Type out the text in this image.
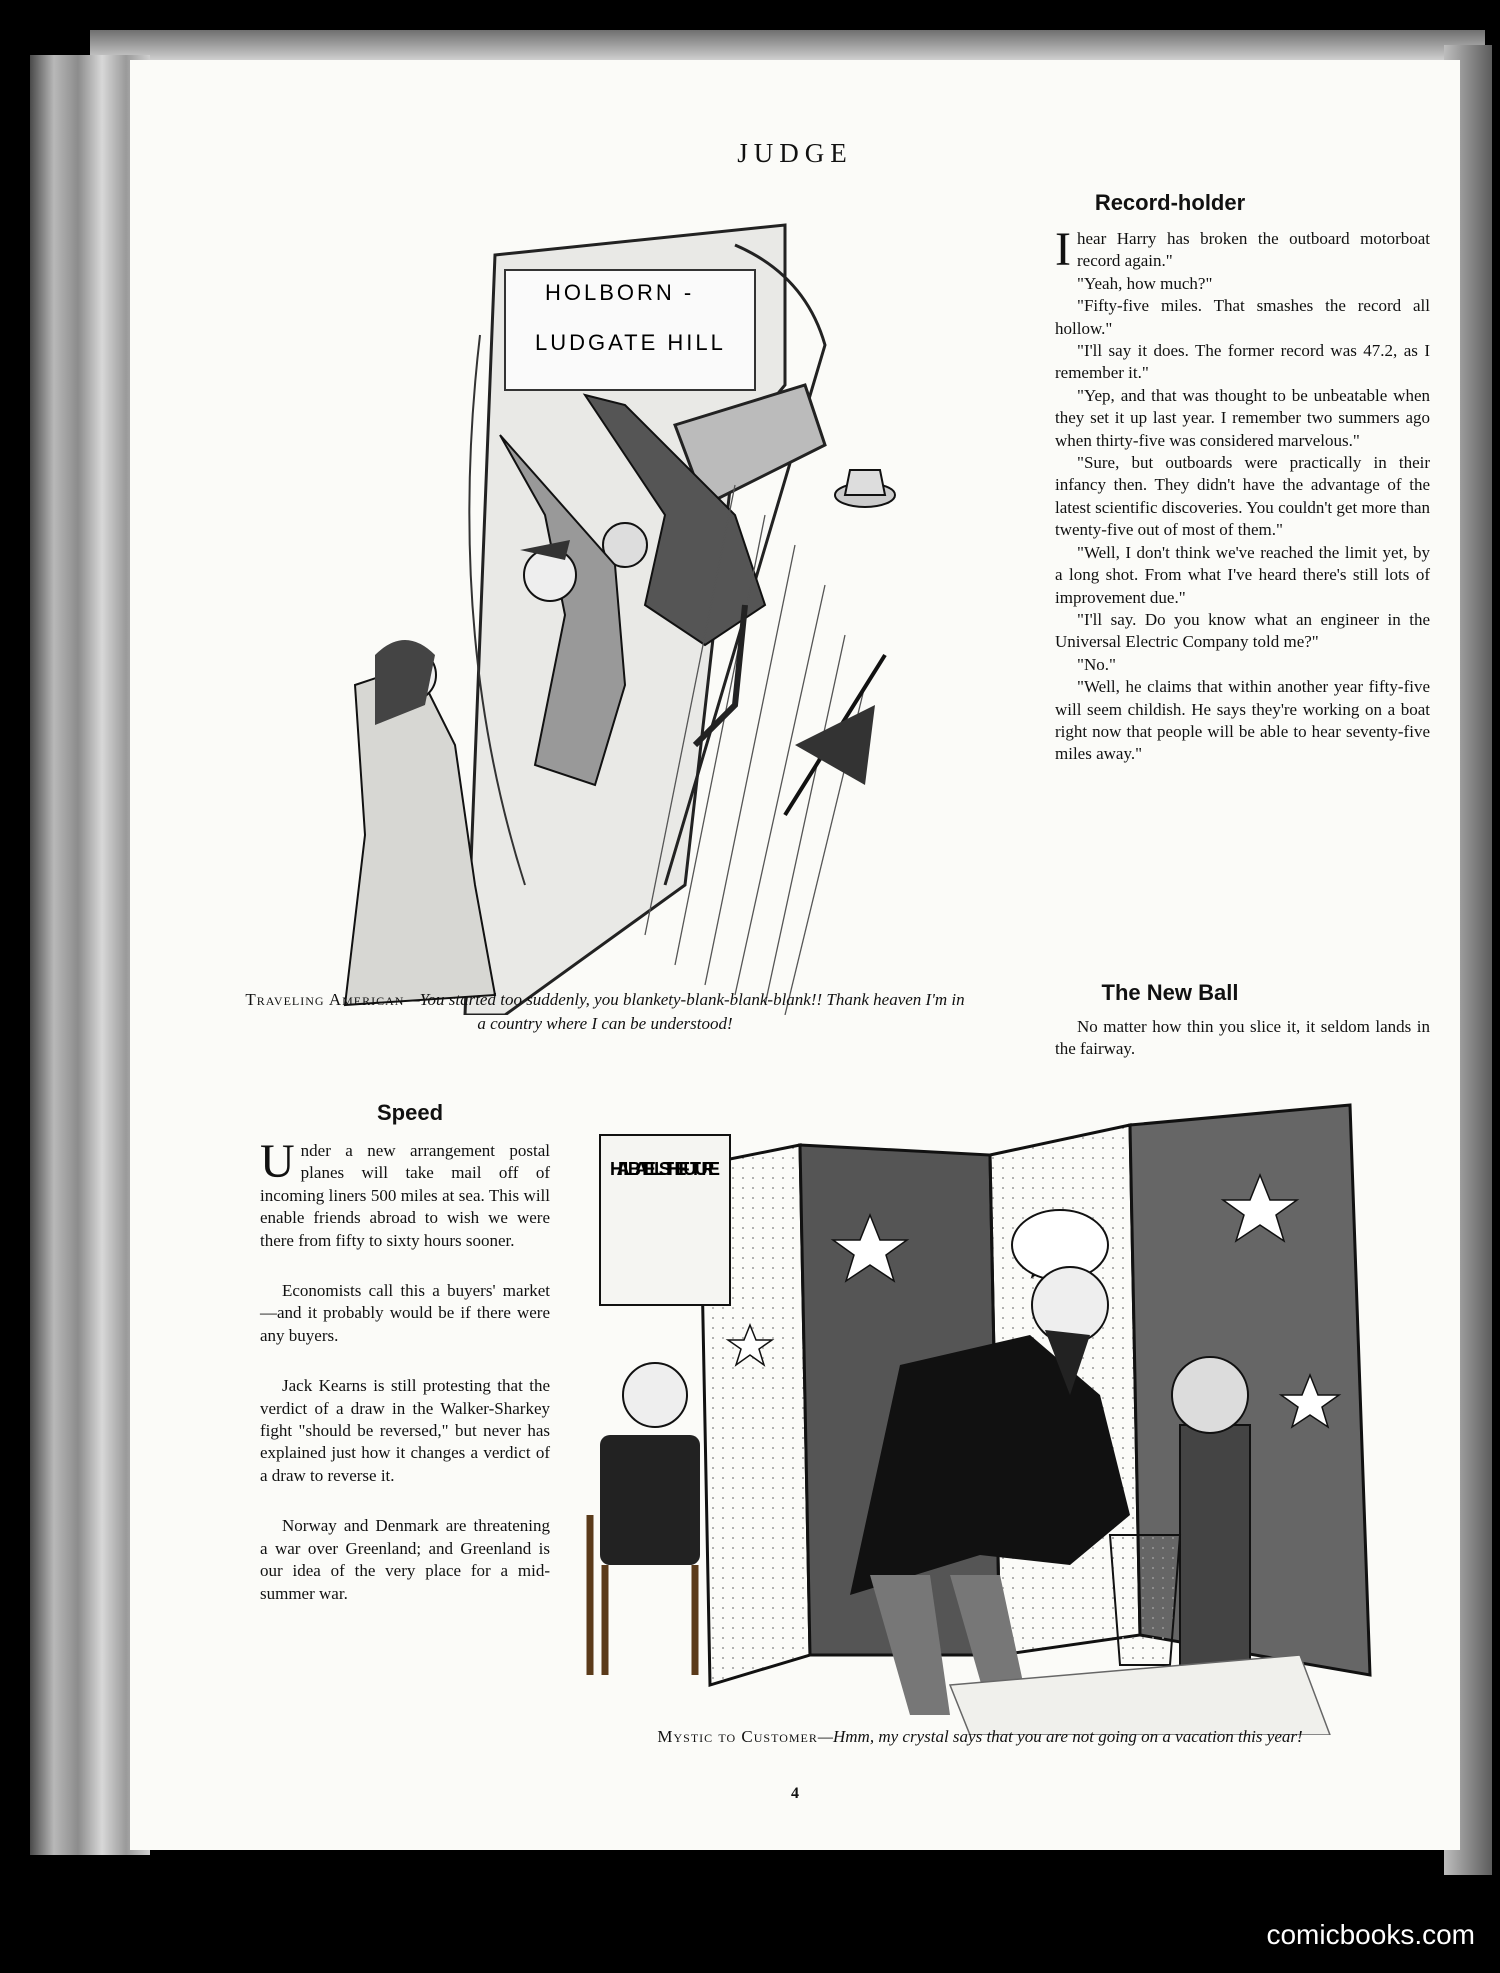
JUDGE
HOLBORN -
LUDGATE HILL
Traveling American—You started too suddenly, you blankety-blank-blank-blank!! Thank heaven I'm in a country where I can be understood!
Record-holder
I hear Harry has broken the outboard motorboat record again."

"Yeah, how much?"

"Fifty-five miles. That smashes the record all hollow."

"I'll say it does. The former record was 47.2, as I remember it."

"Yep, and that was thought to be unbeatable when they set it up last year. I remember two summers ago when thirty-five was considered marvelous."

"Sure, but outboards were practically in their infancy then. They didn't have the advantage of the latest scientific discoveries. You couldn't get more than twenty-five out of most of them."

"Well, I don't think we've reached the limit yet, by a long shot. From what I've heard there's still lots of improvement due."

"I'll say. Do you know what an engineer in the Universal Electric Company told me?"

"No."

"Well, he claims that within another year fifty-five will seem childish. He says they're working on a boat right now that people will be able to hear seventy-five miles away."

The New Ball

No matter how thin you slice it, it seldom lands in the fairway.

Speed
U nder a new arrangement postal planes will take mail off of incoming liners 500 miles at sea. This will enable friends abroad to wish we were there from fifty to sixty hours sooner.

Economists call this a buyers' market—and it probably would be if there were any buyers.

Jack Kearns is still protesting that the verdict of a draw in the Walker-Sharkey fight "should be reversed," but never has explained just how it changes a verdict of a draw to reverse it.

Norway and Denmark are threatening a war over Greenland; and Greenland is our idea of the very place for a mid-summer war.

HALBA TELLS THE FUTURE
Mystic to Customer—Hmm, my crystal says that you are not going on a vacation this year!
4
comicbooks.com
